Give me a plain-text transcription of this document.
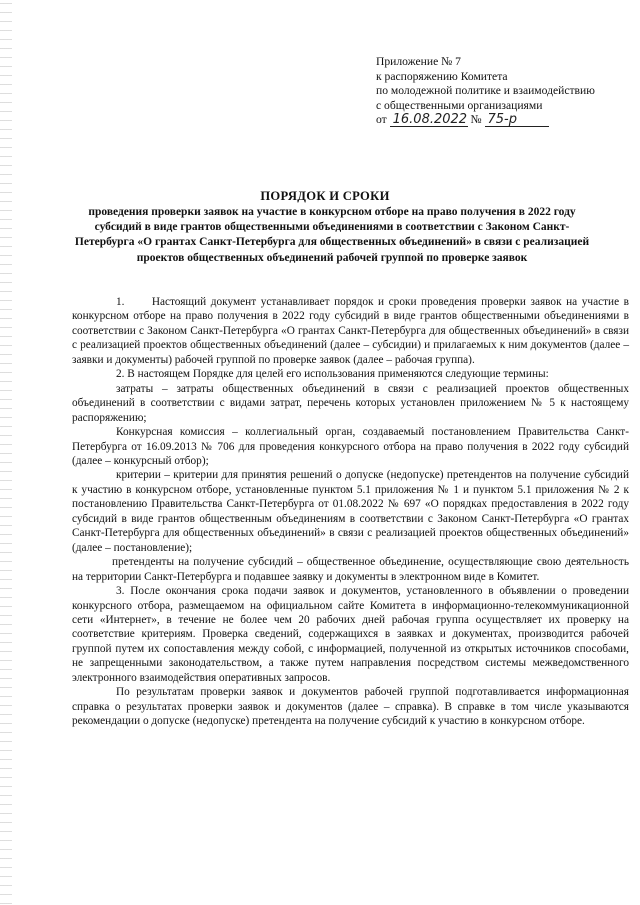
Приложение № 7
к распоряжению Комитета
по молодежной политике и взаимодействию
с общественными организациями
от 16.08.2022 № 75-р
ПОРЯДОК И СРОКИ
проведения проверки заявок на участие в конкурсном отборе на право получения в 2022 году субсидий в виде грантов общественными объединениями в соответствии с Законом Санкт-Петербурга «О грантах Санкт-Петербурга для общественных объединений» в связи с реализацией проектов общественных объединений рабочей группой по проверке заявок

1.      Настоящий документ устанавливает порядок и сроки проведения проверки заявок на участие в конкурсном отборе на право получения в 2022 году субсидий в виде грантов общественными объединениями в соответствии с Законом Санкт-Петербурга «О грантах Санкт-Петербурга для общественных объединений» в связи с реализацией проектов общественных объединений (далее – субсидии) и прилагаемых к ним документов (далее – заявки и документы) рабочей группой по проверке заявок (далее – рабочая группа).

2. В настоящем Порядке для целей его использования применяются следующие термины:

затраты – затраты общественных объединений в связи с реализацией проектов общественных объединений в соответствии с видами затрат, перечень которых установлен приложением № 5 к настоящему распоряжению;

Конкурсная комиссия – коллегиальный орган, создаваемый постановлением Правительства Санкт-Петербурга от 16.09.2013 № 706 для проведения конкурсного отбора на право получения в 2022 году субсидий (далее – конкурсный отбор);

критерии – критерии для принятия решений о допуске (недопуске) претендентов на получение субсидий к участию в конкурсном отборе, установленные пунктом 5.1 приложения № 1 и пунктом 5.1 приложения № 2 к постановлению Правительства Санкт-Петербурга от 01.08.2022 № 697 «О порядках предоставления в 2022 году субсидий в виде грантов общественным объединениям в соответствии с Законом Санкт-Петербурга «О грантах Санкт-Петербурга для общественных объединений» в связи с реализацией проектов общественных объединений» (далее – постановление);

претенденты на получение субсидий – общественное объединение, осуществляющие свою деятельность на территории Санкт-Петербурга и подавшее заявку и документы в электронном виде в Комитет.

3. После окончания срока подачи заявок и документов, установленного в объявлении о проведении конкурсного отбора, размещаемом на официальном сайте Комитета в информационно-телекоммуникационной сети «Интернет», в течение не более чем 20 рабочих дней рабочая группа осуществляет их проверку на соответствие критериям. Проверка сведений, содержащихся в заявках и документах, производится рабочей группой путем их сопоставления между собой, с информацией, полученной из открытых источников способами, не запрещенными законодательством, а также путем направления посредством системы межведомственного электронного взаимодействия оперативных запросов.

По результатам проверки заявок и документов рабочей группой подготавливается информационная справка о результатах проверки заявок и документов (далее – справка). В справке в том числе указываются рекомендации о допуске (недопуске) претендента на получение субсидий к участию в конкурсном отборе.
